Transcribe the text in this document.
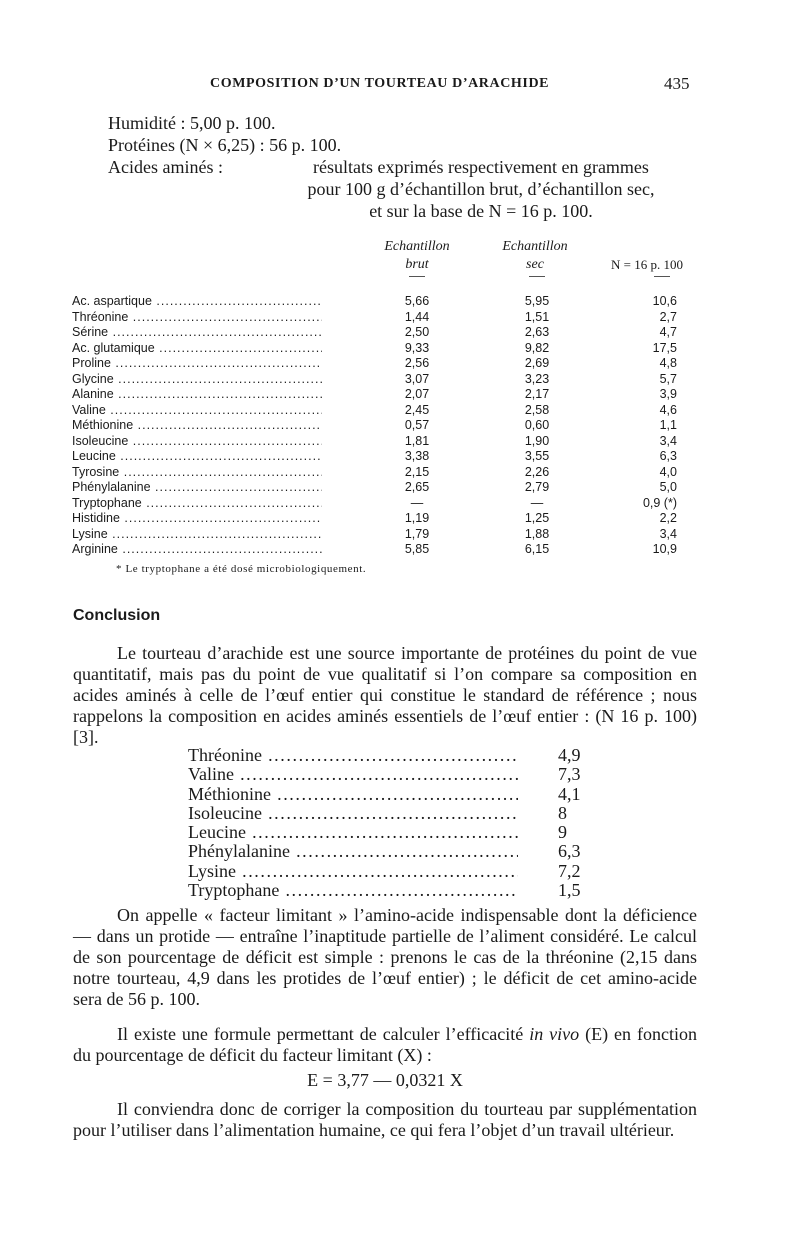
COMPOSITION D’UN TOURTEAU D’ARACHIDE	435

Humidité : 5,00 p. 100.

Protéines (N × 6,25) : 56 p. 100.

Acides aminés :	résultats exprimés respectivement en grammes
pour 100 g d’échantillon brut, d’échantillon sec,
et sur la base de N = 16 p. 100.
Echantillon
brut
Echantillon
sec	N = 16 p. 100
Ac. aspartique .....	5,66	5,95	10,6
Thréonine .....	1,44	1,51	2,7
Sérine .....	2,50	2,63	4,7
Ac. glutamique .....	9,33	9,82	17,5
Proline .....	2,56	2,69	4,8
Glycine .....	3,07	3,23	5,7
Alanine .....	2,07	2,17	3,9
Valine .....	2,45	2,58	4,6
Méthionine .....	0,57	0,60	1,1
Isoleucine .....	1,81	1,90	3,4
Leucine .....	3,38	3,55	6,3
Tyrosine .....	2,15	2,26	4,0
Phénylalanine .....	2,65	2,79	5,0
Tryptophane .....	—	—	0,9 (*)
Histidine .....	1,19	1,25	2,2
Lysine .....	1,79	1,88	3,4
Arginine .....	5,85	6,15	10,9
* Le tryptophane a été dosé microbiologiquement.
Conclusion

Le tourteau d’arachide est une source importante de protéines du point de vue quantitatif, mais pas du point de vue qualitatif si l’on compare sa composition en acides aminés à celle de l’œuf entier qui constitue le standard de référence ; nous rappelons la composition en acides aminés essentiels de l’œuf entier : (N 16 p. 100) [3].

Thréonine .....	4,9
Valine .....	7,3
Méthionine .....	4,1
Isoleucine .....	8
Leucine .....	9
Phénylalanine .....	6,3
Lysine .....	7,2
Tryptophane .....	1,5

On appelle « facteur limitant » l’amino-acide indispensable dont la déficience — dans un protide — entraîne l’inaptitude partielle de l’aliment considéré. Le calcul de son pourcentage de déficit est simple : prenons le cas de la thréonine (2,15 dans notre tourteau, 4,9 dans les protides de l’œuf entier) ; le déficit de cet amino-acide sera de 56 p. 100.

Il existe une formule permettant de calculer l’efficacité in vivo (E) en fonction du pourcentage de déficit du facteur limitant (X) :

E = 3,77 — 0,0321 X

Il conviendra donc de corriger la composition du tourteau par supplémentation pour l’utiliser dans l’alimentation humaine, ce qui fera l’objet d’un travail ultérieur.
